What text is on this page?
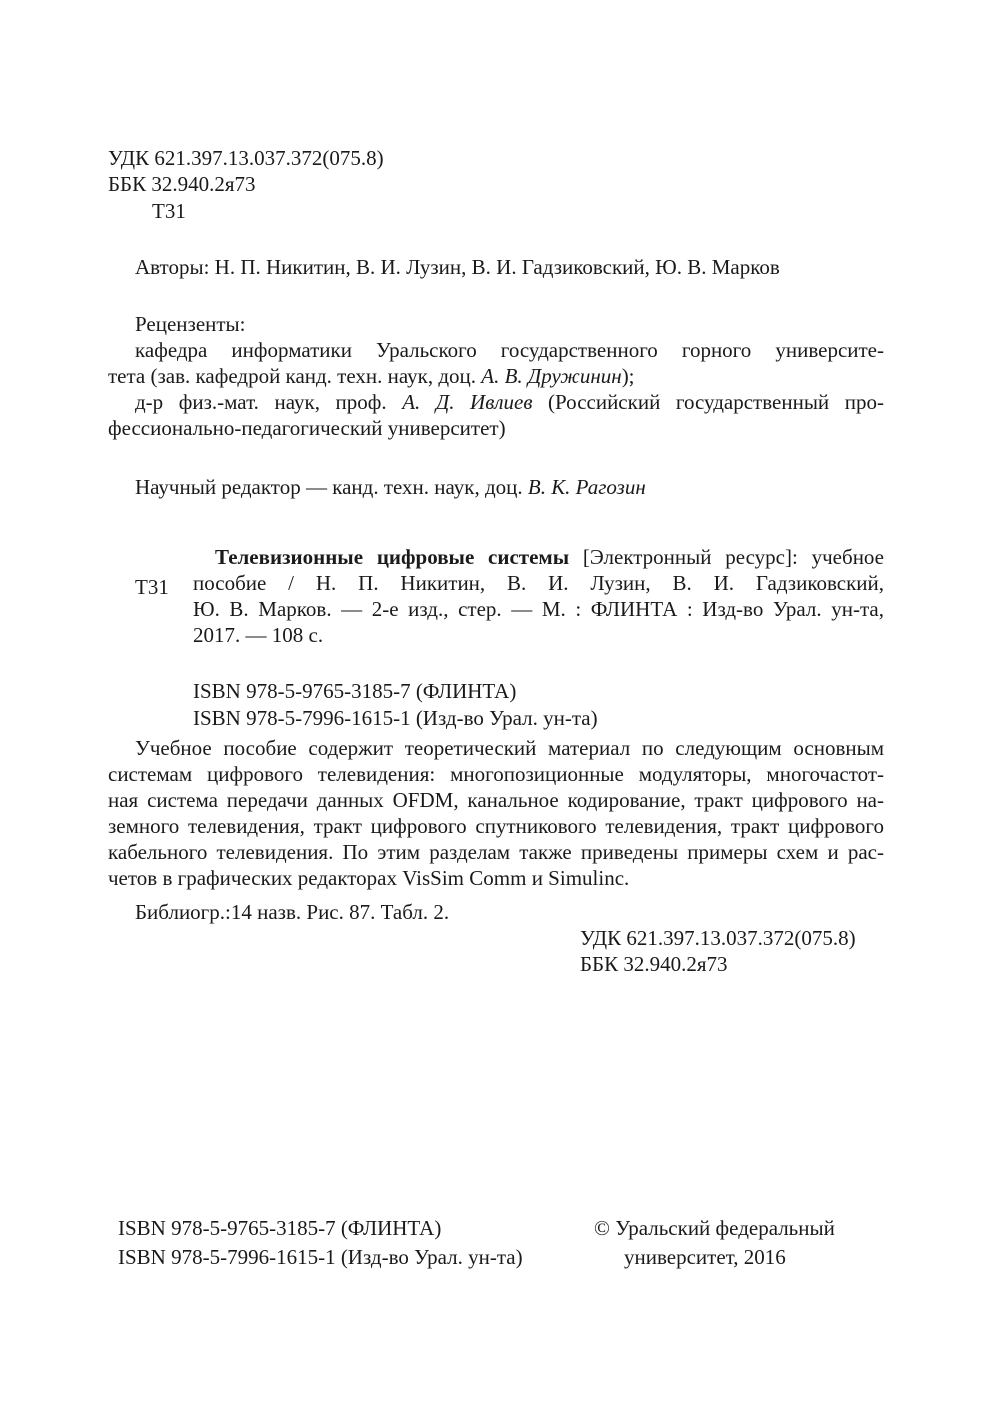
УДК 621.397.13.037.372(075.8)
ББК 32.940.2я73
Т31
Авторы: Н. П. Никитин, В. И. Лузин, В. И. Гадзиковский, Ю. В. Марков
Рецензенты:
кафедра информатики Уральского государственного горного университе-
тета (зав. кафедрой канд. техн. наук, доц. А. В. Дружинин);
д-р физ.-мат. наук, проф. А. Д. Ивлиев (Российский государственный про-
фессионально-педагогический университет)
Научный редактор — канд. техн. наук, доц. В. К. Рагозин
Т31
Телевизионные цифровые системы [Электронный ресурс]: учебное
пособие / Н. П. Никитин, В. И. Лузин, В. И. Гадзиковский,
Ю. В. Марков. — 2-е изд., стер. — М. : ФЛИНТА : Изд-во Урал. ун-та,
2017. — 108 с.
ISBN 978-5-9765-3185-7 (ФЛИНТА)
ISBN 978-5-7996-1615-1 (Изд-во Урал. ун-та)
Учебное пособие содержит теоретический материал по следующим основным
системам цифрового телевидения: многопозиционные модуляторы, многочастот-
ная система передачи данных OFDM, канальное кодирование, тракт цифрового на-
земного телевидения, тракт цифрового спутникового телевидения, тракт цифрового
кабельного телевидения. По этим разделам также приведены примеры схем и рас-
четов в графических редакторах VisSim Comm и Simulinc.
Библиогр.:14 назв. Рис. 87. Табл. 2.
УДК 621.397.13.037.372(075.8)
ББК 32.940.2я73
ISBN 978-5-9765-3185-7 (ФЛИНТА)
ISBN 978-5-7996-1615-1 (Изд-во Урал. ун-та)
© Уральский федеральный
университет, 2016
